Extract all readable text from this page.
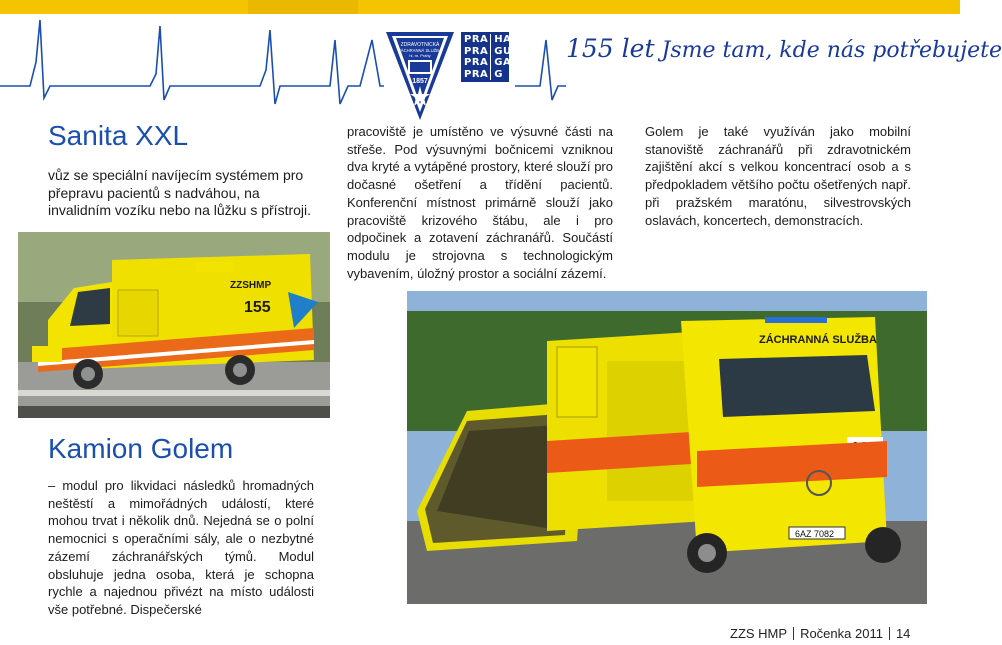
ZDRAVOTNICKÁ
ZÁCHRANNÁ SLUŽBA
hl. m. Prahy
1857
PRA HA
PRA GUE
PRA GA
PRA G
155 let Jsme tam, kde nás potřebujete
Sanita XXL
vůz se speciální navíjecím systémem pro přepravu pacientů s nadváhou, na invalidním vozíku nebo na lůžku s přístroji.
ZZSHMP
155
pracoviště je umístěno ve výsuvné části na střeše. Pod výsuvnými bočnicemi vzniknou dva kryté a vytápěné prostory, které slouží pro dočasné ošetření a třídění pacientů. Konferenční místnost primárně slouží jako pracoviště krizového štábu, ale i pro odpočinek a zotavení záchranářů. Součástí modulu je strojovna s technologickým vybavením, úložný prostor a sociální zázemí.
Golem je také využíván jako mobilní stanoviště záchranářů při zdravotnickém zajištění akcí s velkou koncentrací osob a s předpokladem většího počtu ošetřených např. při pražském maratónu, silvestrovských oslavách, koncertech, demonstracích.
ZÁCHRANNÁ SLUŽBA
6AZ 7082
Kamion Golem
– modul pro likvidaci následků hromadných neštěstí a mimořádných událostí, které mohou trvat i několik dnů. Nejedná se o polní nemocnici s operačními sály, ale o nezbytné zázemí záchranářských týmů. Modul obsluhuje jedna osoba, která je schopna rychle a najednou přivézt na místo události vše potřebné. Dispečerské
ZZS HMP Ročenka 2011 14
